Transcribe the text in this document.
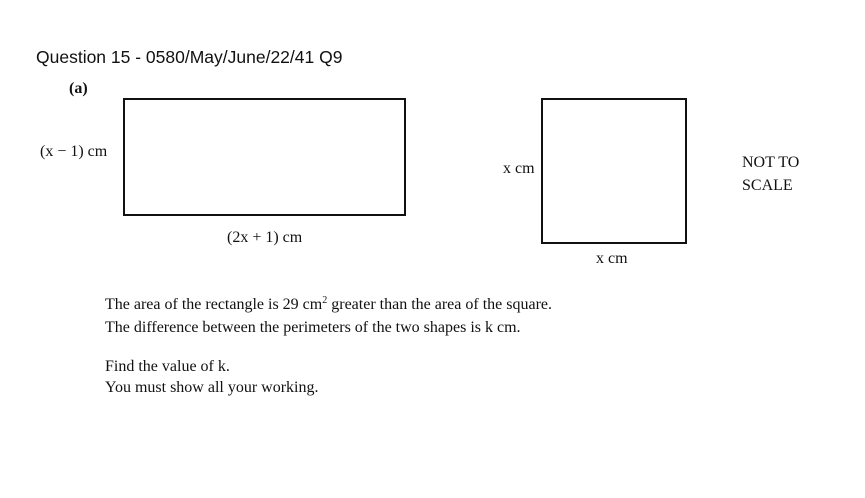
Question 15 - 0580/May/June/22/41 Q9
(a)
(x − 1) cm
(2x + 1) cm
x cm
x cm
NOT TO
SCALE
The area of the rectangle is 29 $cm^2$ greater than the area of the square.
The difference between the perimeters of the two shapes is k cm.
Find the value of k.
You must show all your working.
